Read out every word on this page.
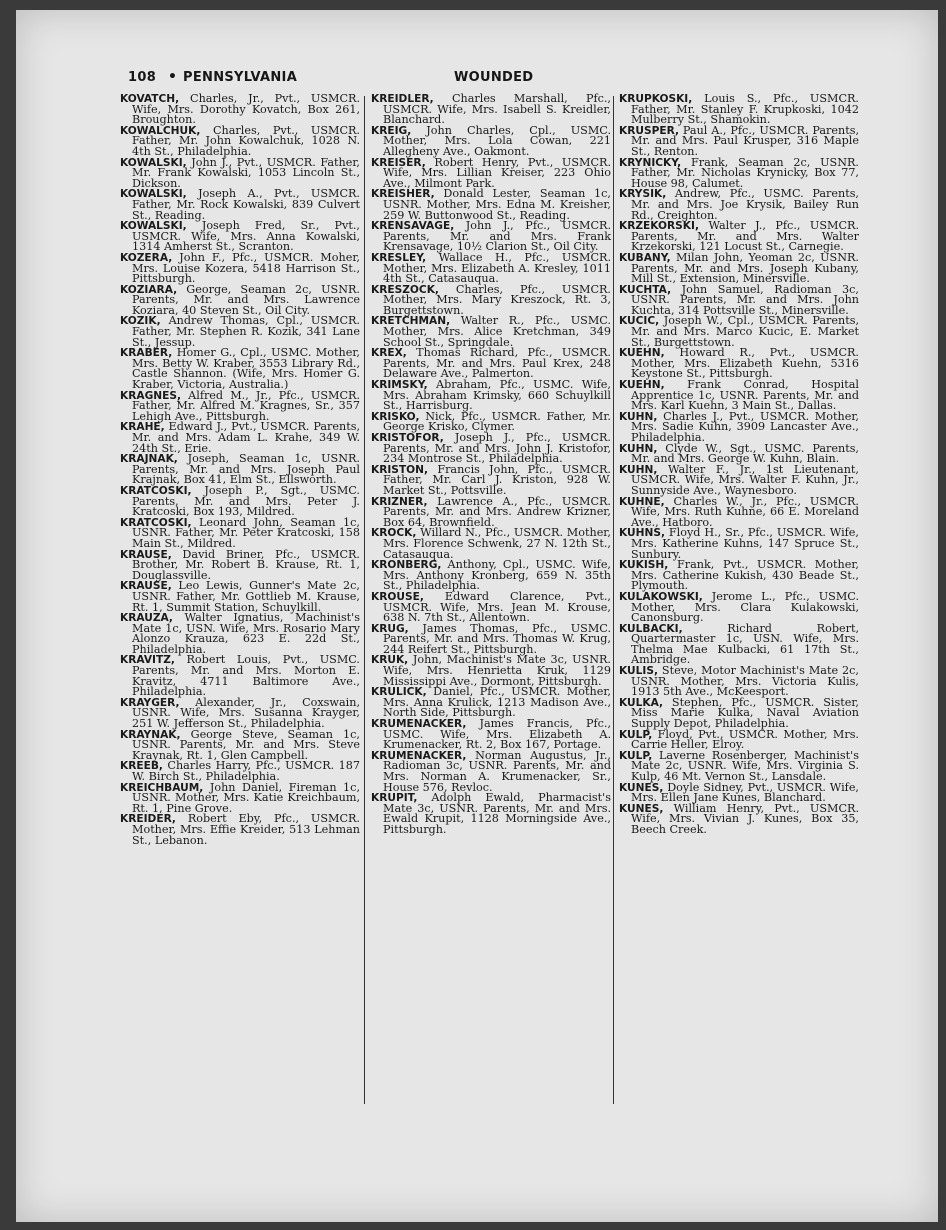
108 • PENNSYLVANIA	WOUNDED

KOVATCH, Charles, Jr., Pvt., USMCR. Wife, Mrs. Dorothy Kovatch, Box 261, Broughton.

KOWALCHUK, Charles, Pvt., USMCR. Father, Mr. John Kowalchuk, 1028 N. 4th St., Philadelphia.

KOWALSKI, John J., Pvt., USMCR. Father, Mr. Frank Kowalski, 1053 Lincoln St., Dickson.

KOWALSKI, Joseph A., Pvt., USMCR. Father, Mr. Rock Kowalski, 839 Culvert St., Reading.

KOWALSKI, Joseph Fred, Sr., Pvt., USMCR. Wife, Mrs. Anna Kowalski, 1314 Amherst St., Scranton.

KOZERA, John F., Pfc., USMCR. Moher, Mrs. Louise Kozera, 5418 Harrison St., Pittsburgh.

KOZIARA, George, Seaman 2c, USNR. Parents, Mr. and Mrs. Lawrence Koziara, 40 Steven St., Oil City.

KOZIK, Andrew Thomas, Cpl., USMCR. Father, Mr. Stephen R. Kozik, 341 Lane St., Jessup.

KRABER, Homer G., Cpl., USMC. Mother, Mrs. Betty W. Kraber, 3553 Library Rd., Castle Shannon. (Wife, Mrs. Homer G. Kraber, Victoria, Australia.)

KRAGNES, Alfred M., Jr., Pfc., USMCR. Father, Mr. Alfred M. Kragnes, Sr., 357 Lehigh Ave., Pittsburgh.

KRAHE, Edward J., Pvt., USMCR. Parents, Mr. and Mrs. Adam L. Krahe, 349 W. 24th St., Erie.

KRAJNAK, Joseph, Seaman 1c, USNR. Parents, Mr. and Mrs. Joseph Paul Krajnak, Box 41, Elm St., Ellsworth.

KRATCOSKI, Joseph P., Sgt., USMC. Parents, Mr. and Mrs. Peter J. Kratcoski, Box 193, Mildred.

KRATCOSKI, Leonard John, Seaman 1c, USNR. Father, Mr. Peter Kratcoski, 158 Main St., Mildred.

KRAUSE, David Briner, Pfc., USMCR. Brother, Mr. Robert B. Krause, Rt. 1, Douglassville.

KRAUSE, Leo Lewis, Gunner's Mate 2c, USNR. Father, Mr. Gottlieb M. Krause, Rt. 1, Summit Station, Schuylkill.

KRAUZA, Walter Ignatius, Machinist's Mate 1c, USN. Wife, Mrs. Rosario Mary Alonzo Krauza, 623 E. 22d St., Philadelphia.

KRAVITZ, Robert Louis, Pvt., USMC. Parents, Mr. and Mrs. Morton E. Kravitz, 4711 Baltimore Ave., Philadelphia.

KRAYGER, Alexander, Jr., Coxswain, USNR. Wife, Mrs. Susanna Krayger, 251 W. Jefferson St., Philadelphia.

KRAYNAK, George Steve, Seaman 1c, USNR. Parents, Mr. and Mrs. Steve Kraynak, Rt. 1, Glen Campbell.

KREEB, Charles Harry, Pfc., USMCR. 187 W. Birch St., Philadelphia.

KREICHBAUM, John Daniel, Fireman 1c, USNR. Mother, Mrs. Katie Kreichbaum, Rt. 1, Pine Grove.

KREIDER, Robert Eby, Pfc., USMCR. Mother, Mrs. Effie Kreider, 513 Lehman St., Lebanon.

KREIDLER, Charles Marshall, Pfc., USMCR. Wife, Mrs. Isabell S. Kreidler, Blanchard.

KREIG, John Charles, Cpl., USMC. Mother, Mrs. Lola Cowan, 221 Allegheny Ave., Oakmont.

KREISER, Robert Henry, Pvt., USMCR. Wife, Mrs. Lillian Kreiser, 223 Ohio Ave., Milmont Park.

KREISHER, Donald Lester, Seaman 1c, USNR. Mother, Mrs. Edna M. Kreisher, 259 W. Buttonwood St., Reading.

KRENSAVAGE, John J., Pfc., USMCR. Parents, Mr. and Mrs. Frank Krensavage, 10½ Clarion St., Oil City.

KRESLEY, Wallace H., Pfc., USMCR. Mother, Mrs. Elizabeth A. Kresley, 1011 4th St., Catasauqua.

KRESZOCK, Charles, Pfc., USMCR. Mother, Mrs. Mary Kreszock, Rt. 3, Burgettstown.

KRETCHMAN, Walter R., Pfc., USMC. Mother, Mrs. Alice Kretchman, 349 School St., Springdale.

KREX, Thomas Richard, Pfc., USMCR. Parents, Mr. and Mrs. Paul Krex, 248 Delaware Ave., Palmerton.

KRIMSKY, Abraham, Pfc., USMC. Wife, Mrs. Abraham Krimsky, 660 Schuylkill St., Harrisburg.

KRISKO, Nick, Pfc., USMCR. Father, Mr. George Krisko, Clymer.

KRISTOFOR, Joseph J., Pfc., USMCR. Parents, Mr. and Mrs. John J. Kristofor, 234 Montrose St., Philadelphia.

KRISTON, Francis John, Pfc., USMCR. Father, Mr. Carl J. Kriston, 928 W. Market St., Pottsville.

KRIZNER, Lawrence A., Pfc., USMCR. Parents, Mr. and Mrs. Andrew Krizner, Box 64, Brownfield.

KROCK, Willard N., Pfc., USMCR. Mother, Mrs. Florence Schwenk, 27 N. 12th St., Catasauqua.

KRONBERG, Anthony, Cpl., USMC. Wife, Mrs. Anthony Kronberg, 659 N. 35th St., Philadelphia.

KROUSE, Edward Clarence, Pvt., USMCR. Wife, Mrs. Jean M. Krouse, 638 N. 7th St., Allentown.

KRUG, James Thomas, Pfc., USMC. Parents, Mr. and Mrs. Thomas W. Krug, 244 Reifert St., Pittsburgh.

KRUK, John, Machinist's Mate 3c, USNR. Wife, Mrs. Henrietta Kruk, 1129 Mississippi Ave., Dormont, Pittsburgh.

KRULICK, Daniel, Pfc., USMCR. Mother, Mrs. Anna Krulick, 1213 Madison Ave., North Side, Pittsburgh.

KRUMENACKER, James Francis, Pfc., USMC. Wife, Mrs. Elizabeth A. Krumenacker, Rt. 2, Box 167, Portage.

KRUMENACKER, Norman Augustus, Jr., Radioman 3c, USNR. Parents, Mr. and Mrs. Norman A. Krumenacker, Sr., House 576, Revloc.

KRUPIT, Adolph Ewald, Pharmacist's Mate 3c, USNR. Parents, Mr. and Mrs. Ewald Krupit, 1128 Morningside Ave., Pittsburgh.

KRUPKOSKI, Louis S., Pfc., USMCR. Father, Mr. Stanley F. Krupkoski, 1042 Mulberry St., Shamokin.

KRUSPER, Paul A., Pfc., USMCR. Parents, Mr. and Mrs. Paul Krusper, 316 Maple St., Renton.

KRYNICKY, Frank, Seaman 2c, USNR. Father, Mr. Nicholas Krynicky, Box 77, House 98, Calumet.

KRYSIK, Andrew, Pfc., USMC. Parents, Mr. and Mrs. Joe Krysik, Bailey Run Rd., Creighton.

KRZEKORSKI, Walter J., Pfc., USMCR. Parents, Mr. and Mrs. Walter Krzekorski, 121 Locust St., Carnegie.

KUBANY, Milan John, Yeoman 2c, USNR. Parents, Mr. and Mrs. Joseph Kubany, Mill St., Extension, Minersville.

KUCHTA, John Samuel, Radioman 3c, USNR. Parents, Mr. and Mrs. John Kuchta, 314 Pottsville St., Minersville.

KUCIC, Joseph W., Cpl., USMCR. Parents, Mr. and Mrs. Marco Kucic, E. Market St., Burgettstown.

KUEHN, Howard R., Pvt., USMCR. Mother, Mrs. Elizabeth Kuehn, 5316 Keystone St., Pittsburgh.

KUEHN, Frank Conrad, Hospital Apprentice 1c, USNR. Parents, Mr. and Mrs. Karl Kuehn, 3 Main St., Dallas.

KUHN, Charles J., Pvt., USMCR. Mother, Mrs. Sadie Kuhn, 3909 Lancaster Ave., Philadelphia.

KUHN, Clyde W., Sgt., USMC. Parents, Mr. and Mrs. George W. Kuhn, Blain.

KUHN, Walter F., Jr., 1st Lieutenant, USMCR. Wife, Mrs. Walter F. Kuhn, Jr., Sunnyside Ave., Waynesboro.

KUHNE, Charles W., Jr., Pfc., USMCR. Wife, Mrs. Ruth Kuhne, 66 E. Moreland Ave., Hatboro.

KUHNS, Floyd H., Sr., Pfc., USMCR. Wife, Mrs. Katherine Kuhns, 147 Spruce St., Sunbury.

KUKISH, Frank, Pvt., USMCR. Mother, Mrs. Catherine Kukish, 430 Beade St., Plymouth.

KULAKOWSKI, Jerome L., Pfc., USMC. Mother, Mrs. Clara Kulakowski, Canonsburg.

KULBACKI, Richard Robert, Quartermaster 1c, USN. Wife, Mrs. Thelma Mae Kulbacki, 61 17th St., Ambridge.

KULIS, Steve, Motor Machinist's Mate 2c, USNR. Mother, Mrs. Victoria Kulis, 1913 5th Ave., McKeesport.

KULKA, Stephen, Pfc., USMCR. Sister, Miss Marie Kulka, Naval Aviation Supply Depot, Philadelphia.

KULP, Floyd, Pvt., USMCR. Mother, Mrs. Carrie Heller, Elroy.

KULP, Laverne Rosenberger, Machinist's Mate 2c, USNR. Wife, Mrs. Virginia S. Kulp, 46 Mt. Vernon St., Lansdale.

KUNES, Doyle Sidney, Pvt., USMCR. Wife, Mrs. Ellen Jane Kunes, Blanchard.

KUNES, William Henry, Pvt., USMCR. Wife, Mrs. Vivian J. Kunes, Box 35, Beech Creek.
